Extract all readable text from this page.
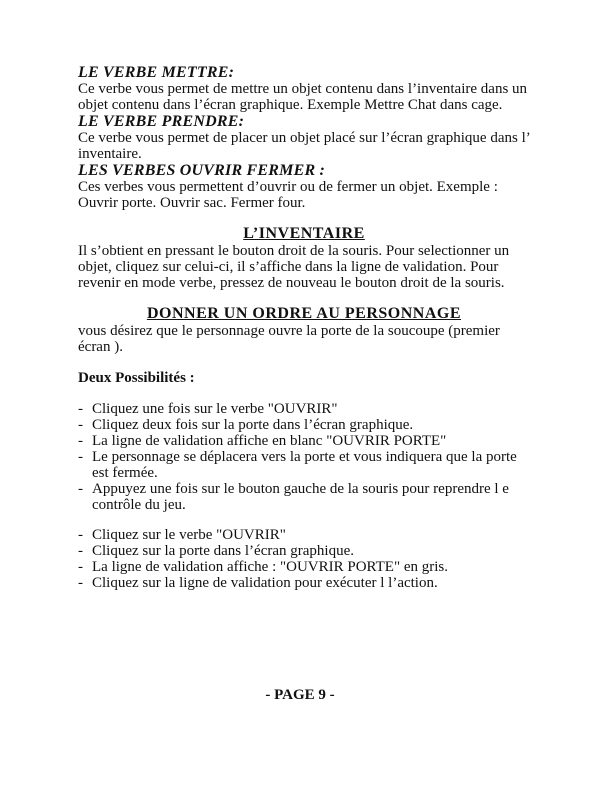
LE VERBE METTRE:

Ce verbe vous permet de mettre un objet contenu dans l’inventaire dans un objet contenu dans l’écran graphique. Exemple Mettre Chat dans cage.

LE VERBE PRENDRE:

Ce verbe vous permet de placer un objet placé sur l’écran graphique dans l’ inventaire.

LES VERBES OUVRIR FERMER :

Ces verbes vous permettent d’ouvrir ou de fermer un objet. Exemple : Ouvrir porte. Ouvrir sac. Fermer four.

L’INVENTAIRE

Il s’obtient en pressant le bouton droit de la souris. Pour selectionner un objet, cliquez sur celui-ci, il s’affiche dans la ligne de validation. Pour revenir en mode verbe, pressez de nouveau le bouton droit de la souris.

DONNER UN ORDRE AU PERSONNAGE

vous désirez que le personnage ouvre la porte de la soucoupe (premier écran ).

Deux Possibilités :

- Cliquez une fois sur le verbe "OUVRIR"
- Cliquez deux fois sur la porte dans l’écran graphique.
- La ligne de validation affiche en blanc "OUVRIR PORTE"
- Le personnage se déplacera vers la porte et vous indiquera que la porte est fermée.
- Appuyez une fois sur le bouton gauche de la souris pour reprendre l e contrôle du jeu.
- Cliquez sur le verbe "OUVRIR"
- Cliquez sur la porte dans l’écran graphique.
- La ligne de validation affiche : "OUVRIR PORTE" en gris.
- Cliquez sur la ligne de validation pour exécuter l l’action.
- PAGE 9 -
